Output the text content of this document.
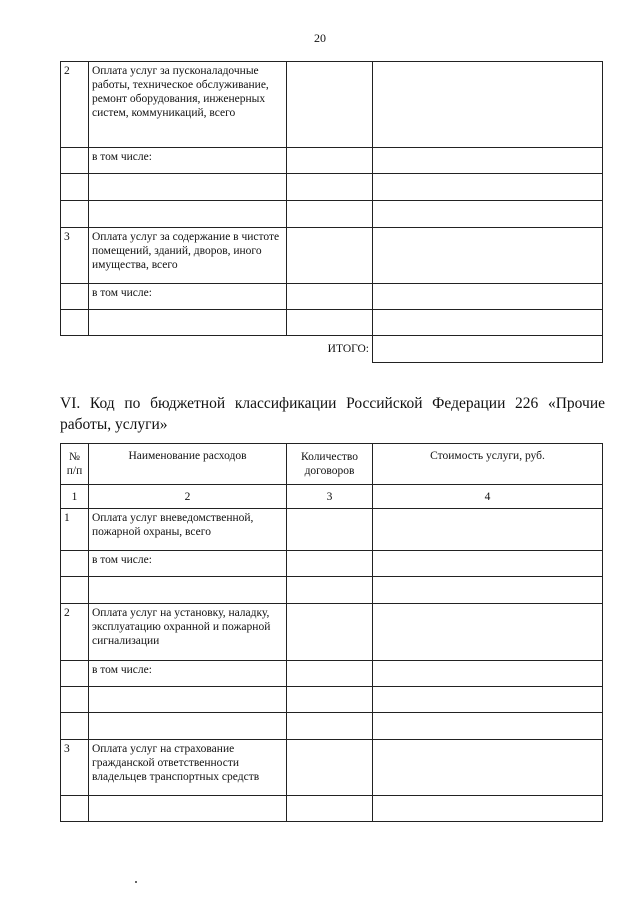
20
2	Оплата услуг за пусконаладочные работы, техническое обслуживание, ремонт оборудования, инженерных систем, коммуникаций, всего		
	в том числе:		

3	Оплата услуг за содержание в чистоте помещений, зданий, дворов, иного имущества, всего		
	в том числе:		

		ИТОГО:	
VI. Код по бюджетной классификации Российской Федерации 226 «Прочие работы, услуги»
№ п/п	Наименование расходов	Количество договоров	Стоимость услуги, руб.
1	2	3	4
1	Оплата услуг вневедомственной, пожарной охраны, всего		
	в том числе:		

2	Оплата услуг на установку, наладку, эксплуатацию охранной и пожарной сигнализации		
	в том числе:		

3	Оплата услуг на страхование гражданской ответственности владельцев транспортных средств		
